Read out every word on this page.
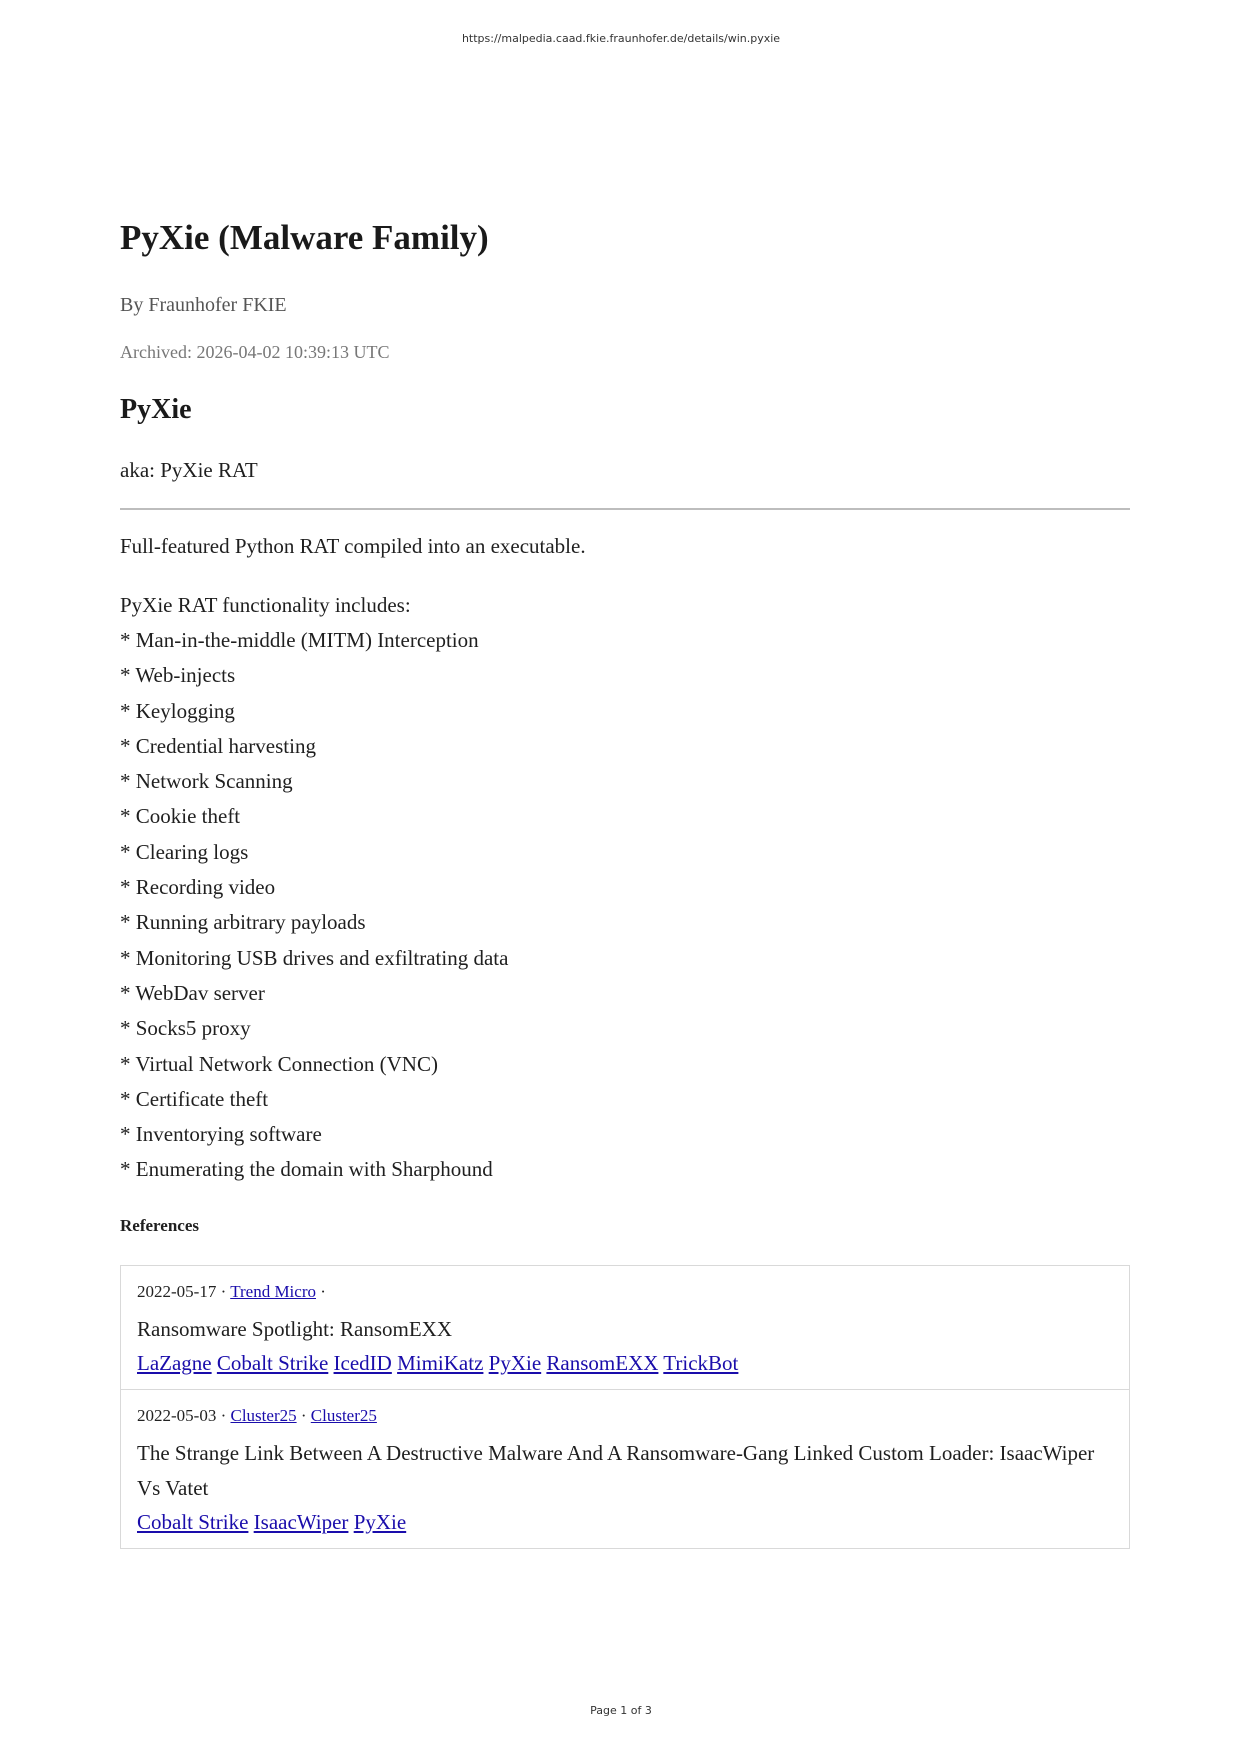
https://malpedia.caad.fkie.fraunhofer.de/details/win.pyxie
PyXie (Malware Family)
By Fraunhofer FKIE
Archived: 2026-04-02 10:39:13 UTC
PyXie
aka: PyXie RAT
Full-featured Python RAT compiled into an executable.
PyXie RAT functionality includes:
* Man-in-the-middle (MITM) Interception
* Web-injects
* Keylogging
* Credential harvesting
* Network Scanning
* Cookie theft
* Clearing logs
* Recording video
* Running arbitrary payloads
* Monitoring USB drives and exfiltrating data
* WebDav server
* Socks5 proxy
* Virtual Network Connection (VNC)
* Certificate theft
* Inventorying software
* Enumerating the domain with Sharphound
References
2022-05-17 · Trend Micro ·
Ransomware Spotlight: RansomEXX
LaZagne Cobalt Strike IcedID MimiKatz PyXie RansomEXX TrickBot
2022-05-03 · Cluster25 · Cluster25
The Strange Link Between A Destructive Malware And A Ransomware-Gang Linked Custom Loader: IsaacWiper Vs Vatet
Cobalt Strike IsaacWiper PyXie
Page 1 of 3
